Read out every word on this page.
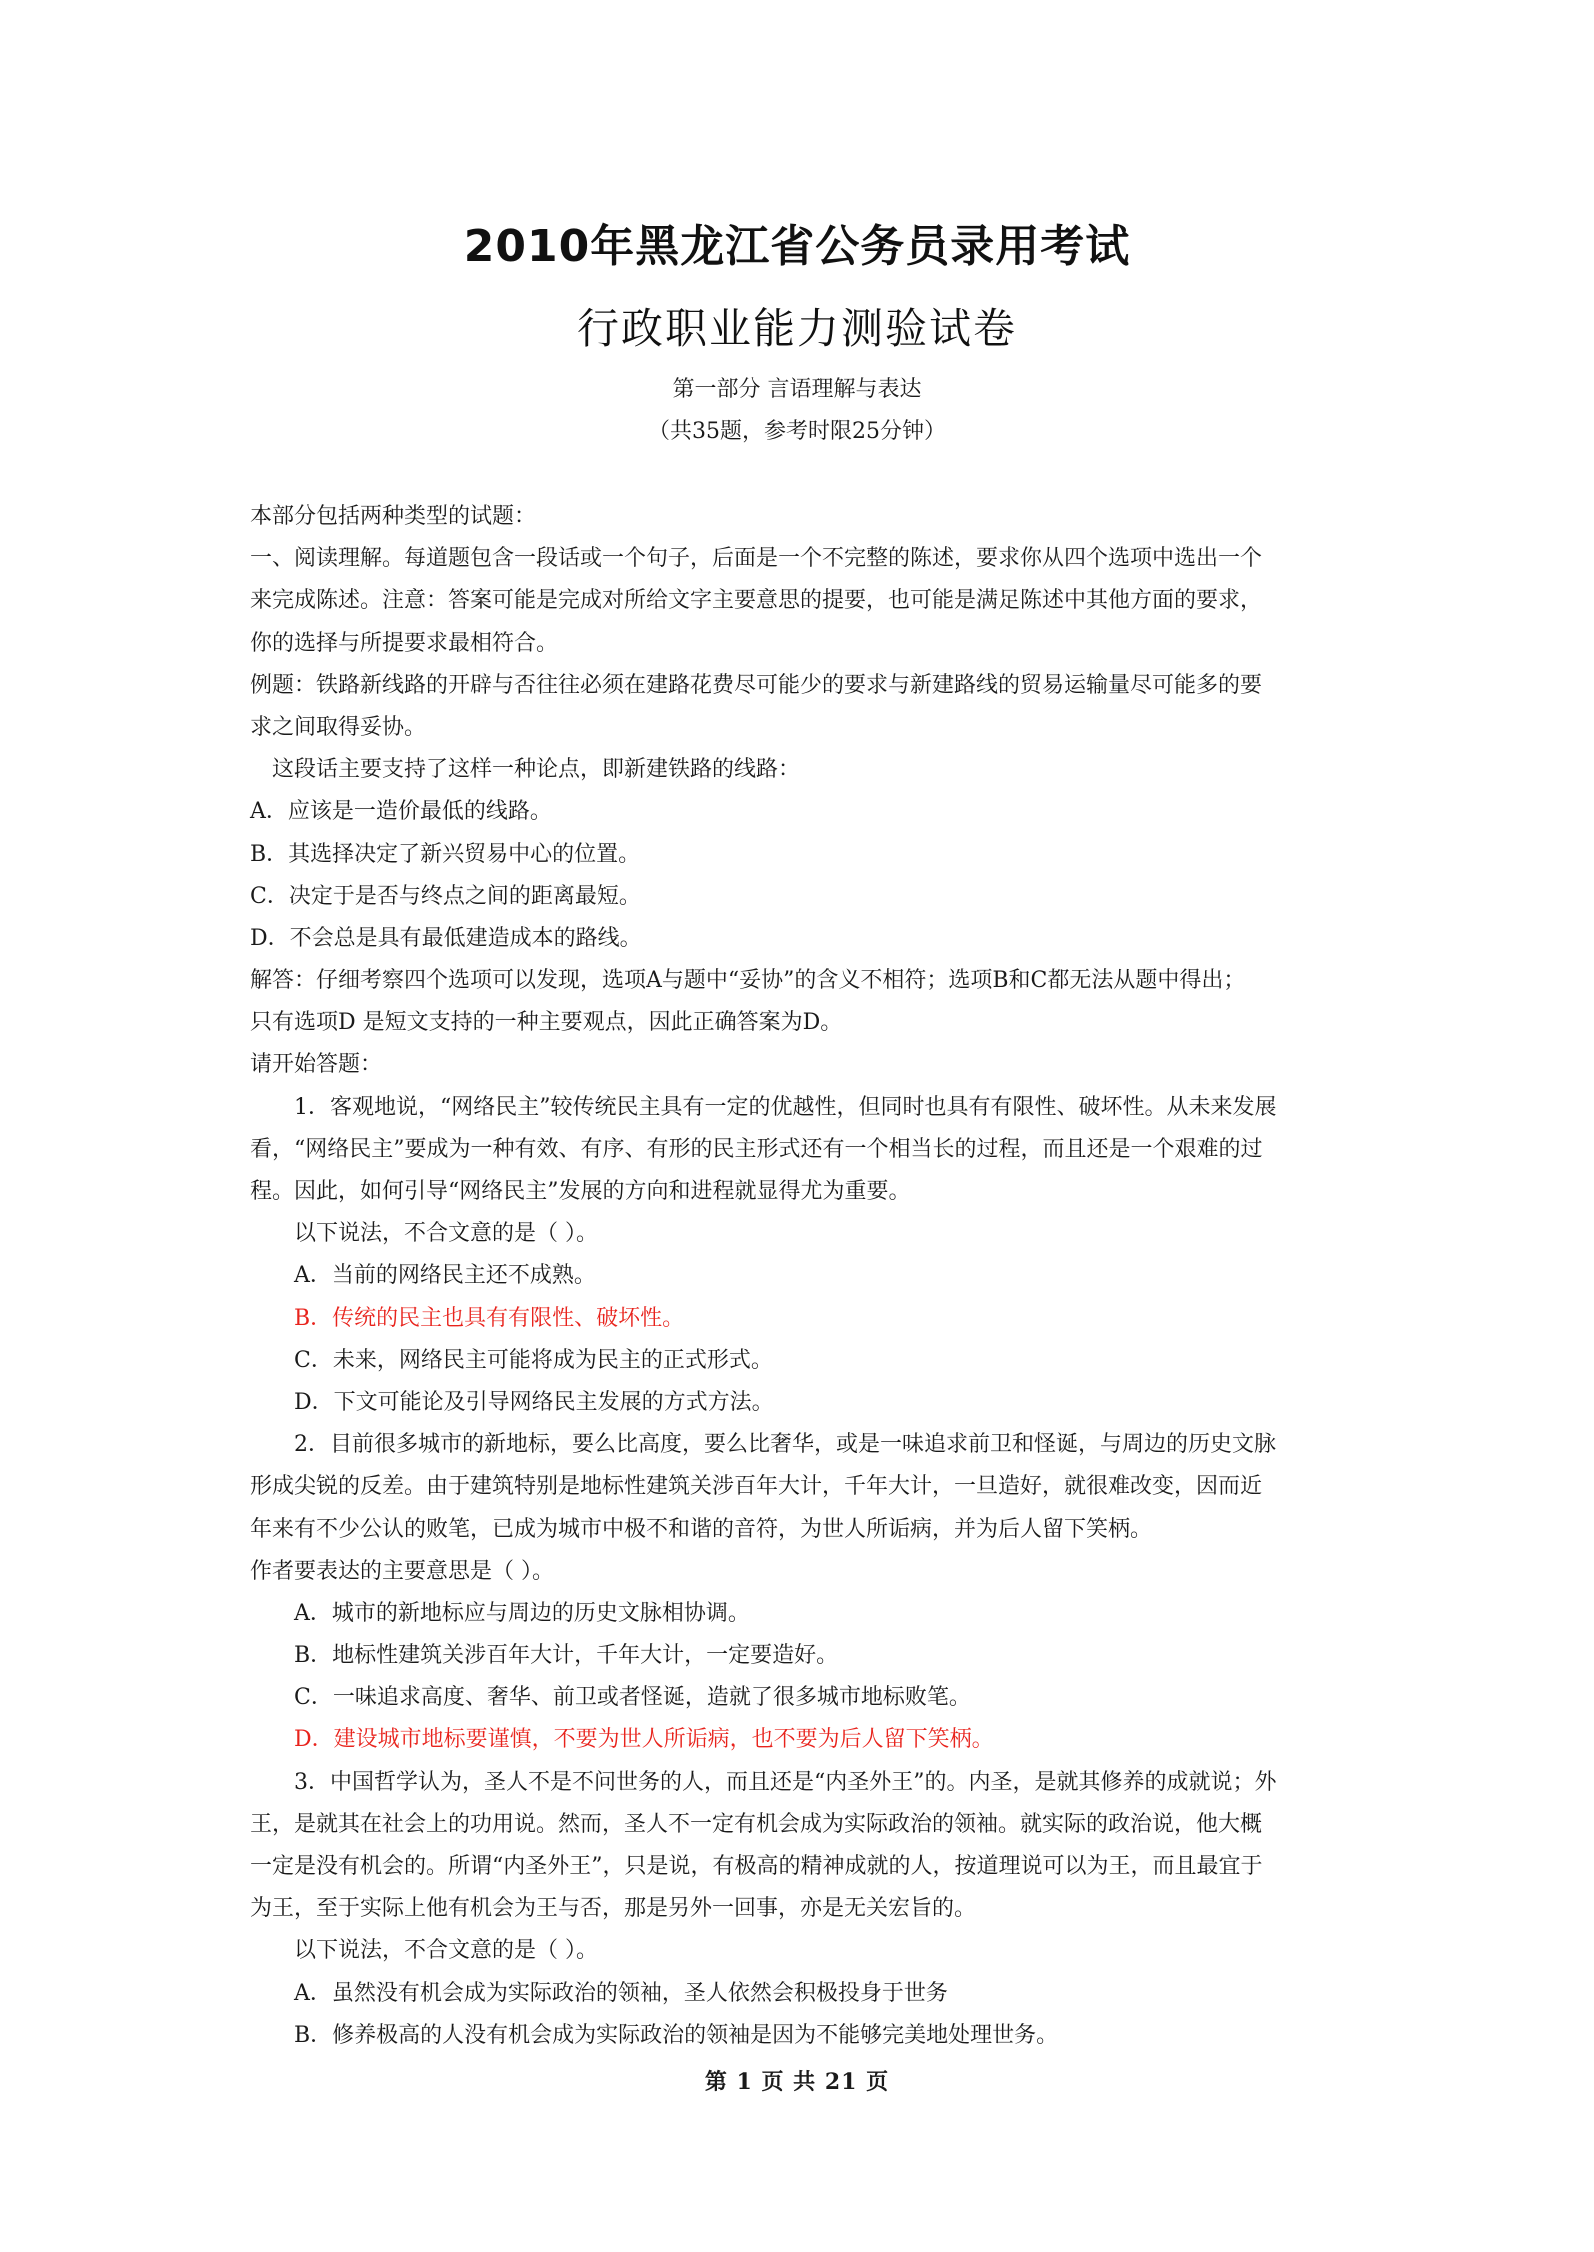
2010年黑龙江省公务员录用考试
行政职业能力测验试卷
第一部分 言语理解与表达
（共35题，参考时限25分钟）
本部分包括两种类型的试题：
一、阅读理解。每道题包含一段话或一个句子，后面是一个不完整的陈述，要求你从四个选项中选出一个
来完成陈述。注意：答案可能是完成对所给文字主要意思的提要，也可能是满足陈述中其他方面的要求，
你的选择与所提要求最相符合。
例题：铁路新线路的开辟与否往往必须在建路花费尽可能少的要求与新建路线的贸易运输量尽可能多的要
求之间取得妥协。
这段话主要支持了这样一种论点，即新建铁路的线路：
A．应该是一造价最低的线路。
B．其选择决定了新兴贸易中心的位置。
C．决定于是否与终点之间的距离最短。
D．不会总是具有最低建造成本的路线。
解答：仔细考察四个选项可以发现，选项A与题中“妥协”的含义不相符；选项B和C都无法从题中得出；
只有选项D 是短文支持的一种主要观点，因此正确答案为D。
请开始答题：
1．客观地说，“网络民主”较传统民主具有一定的优越性，但同时也具有有限性、破坏性。从未来发展
看，“网络民主”要成为一种有效、有序、有形的民主形式还有一个相当长的过程，而且还是一个艰难的过
程。因此，如何引导“网络民主”发展的方向和进程就显得尤为重要。
以下说法，不合文意的是（ ）。
A．当前的网络民主还不成熟。
B．传统的民主也具有有限性、破坏性。
C．未来，网络民主可能将成为民主的正式形式。
D．下文可能论及引导网络民主发展的方式方法。
2．目前很多城市的新地标，要么比高度，要么比奢华，或是一味追求前卫和怪诞，与周边的历史文脉
形成尖锐的反差。由于建筑特别是地标性建筑关涉百年大计，千年大计，一旦造好，就很难改变，因而近
年来有不少公认的败笔，已成为城市中极不和谐的音符，为世人所诟病，并为后人留下笑柄。
作者要表达的主要意思是（ ）。
A．城市的新地标应与周边的历史文脉相协调。
B．地标性建筑关涉百年大计，千年大计，一定要造好。
C．一味追求高度、奢华、前卫或者怪诞，造就了很多城市地标败笔。
D．建设城市地标要谨慎，不要为世人所诟病，也不要为后人留下笑柄。
3．中国哲学认为，圣人不是不问世务的人，而且还是“内圣外王”的。内圣，是就其修养的成就说；外
王，是就其在社会上的功用说。然而，圣人不一定有机会成为实际政治的领袖。就实际的政治说，他大概
一定是没有机会的。所谓“内圣外王”，只是说，有极高的精神成就的人，按道理说可以为王，而且最宜于
为王，至于实际上他有机会为王与否，那是另外一回事，亦是无关宏旨的。
以下说法，不合文意的是（ ）。
A．虽然没有机会成为实际政治的领袖，圣人依然会积极投身于世务
B．修养极高的人没有机会成为实际政治的领袖是因为不能够完美地处理世务。
第 1 页 共 21 页
